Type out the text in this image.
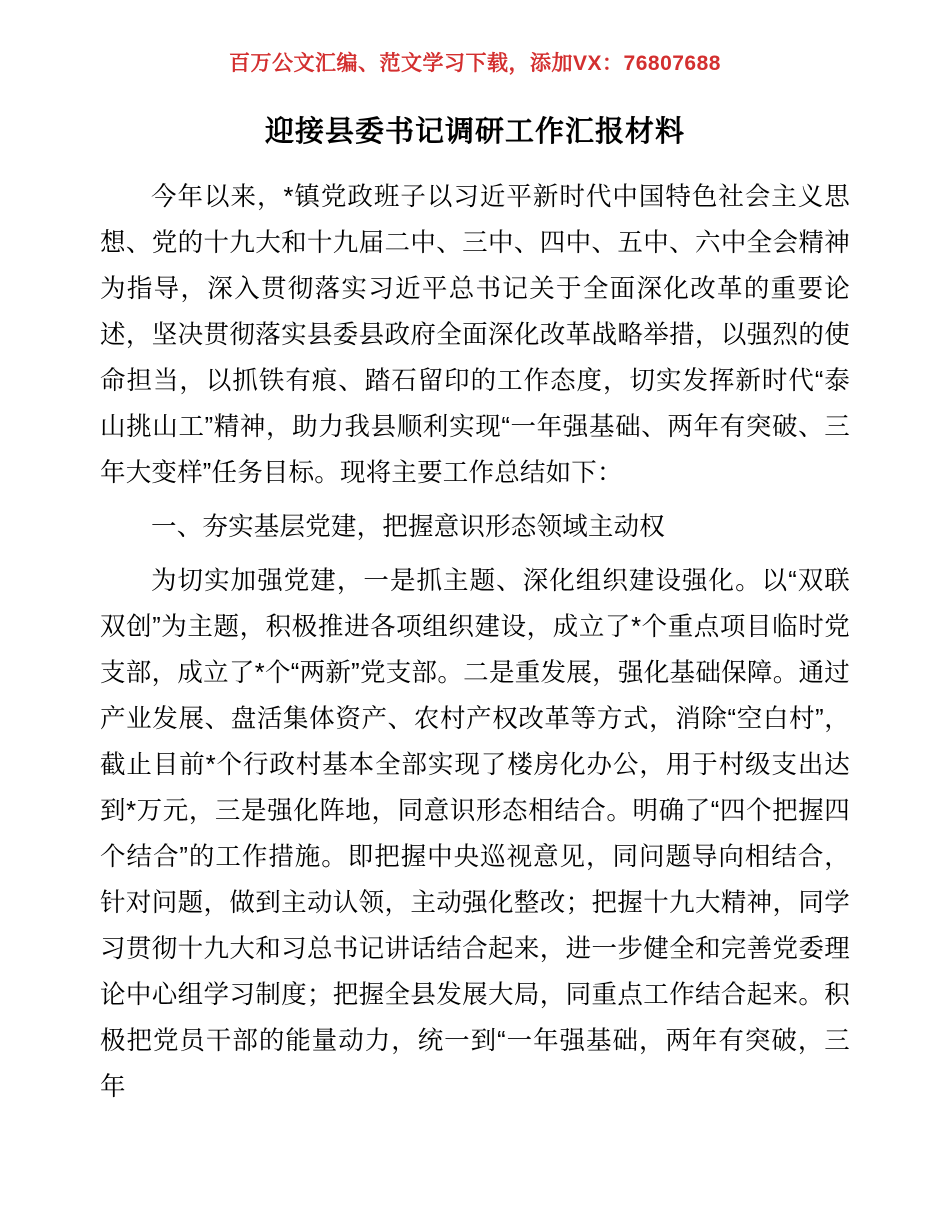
百万公文汇编、范文学习下载，添加VX：76807688
迎接县委书记调研工作汇报材料

今年以来，*镇党政班子以习近平新时代中国特色社会主义思想、党的十九大和十九届二中、三中、四中、五中、六中全会精神为指导，深入贯彻落实习近平总书记关于全面深化改革的重要论述，坚决贯彻落实县委县政府全面深化改革战略举措，以强烈的使命担当，以抓铁有痕、踏石留印的工作态度，切实发挥新时代“泰山挑山工”精神，助力我县顺利实现“一年强基础、两年有突破、三年大变样”任务目标。现将主要工作总结如下：

一、夯实基层党建，把握意识形态领域主动权

为切实加强党建，一是抓主题、深化组织建设强化。以“双联双创”为主题，积极推进各项组织建设，成立了*个重点项目临时党支部，成立了*个“两新”党支部。二是重发展，强化基础保障。通过产业发展、盘活集体资产、农村产权改革等方式，消除“空白村”，截止目前*个行政村基本全部实现了楼房化办公，用于村级支出达到*万元，三是强化阵地，同意识形态相结合。明确了“四个把握四个结合”的工作措施。即把握中央巡视意见，同问题导向相结合，针对问题，做到主动认领，主动强化整改；把握十九大精神，同学习贯彻十九大和习总书记讲话结合起来，进一步健全和完善党委理论中心组学习制度；把握全县发展大局，同重点工作结合起来。积极把党员干部的能量动力，统一到“一年强基础，两年有突破，三年
